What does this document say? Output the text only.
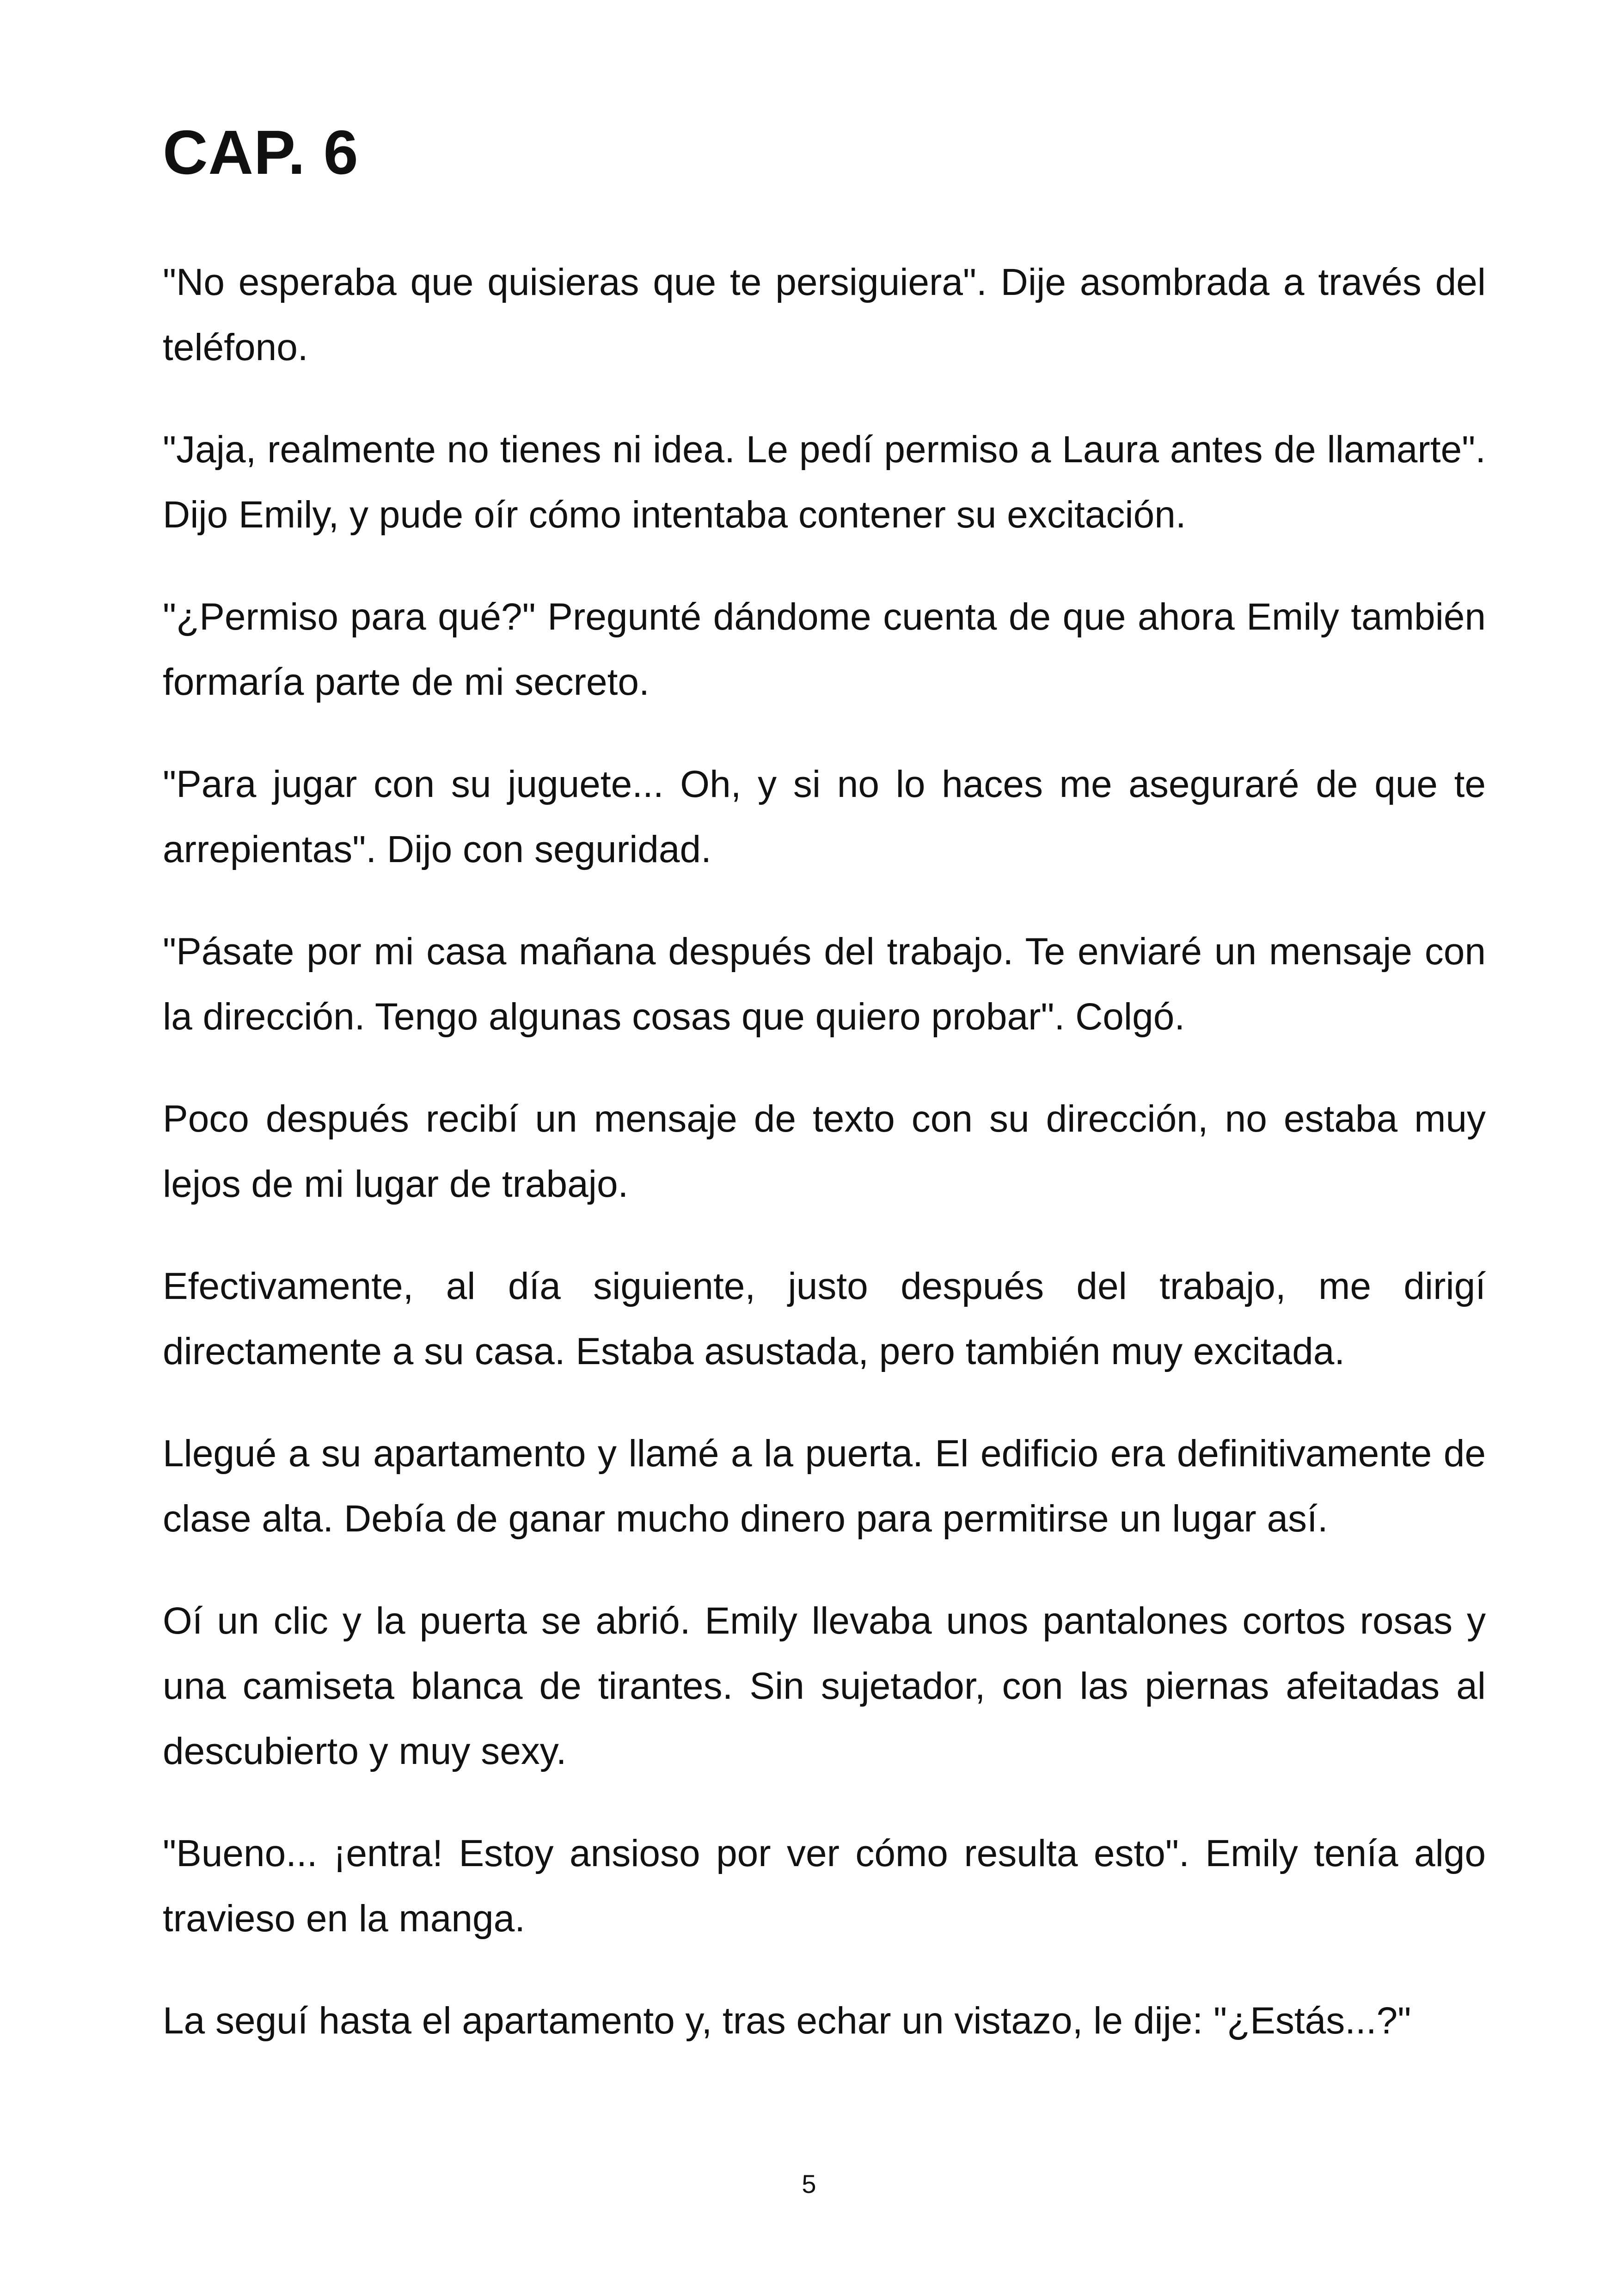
CAP. 6

"No esperaba que quisieras que te persiguiera". Dije asombrada a través del teléfono.

"Jaja, realmente no tienes ni idea. Le pedí permiso a Laura antes de llamarte". Dijo Emily, y pude oír cómo intentaba contener su excitación.

"¿Permiso para qué?" Pregunté dándome cuenta de que ahora Emily también formaría parte de mi secreto.

"Para jugar con su juguete... Oh, y si no lo haces me aseguraré de que te arrepientas". Dijo con seguridad.

"Pásate por mi casa mañana después del trabajo. Te enviaré un mensaje con la dirección. Tengo algunas cosas que quiero probar". Colgó.

Poco después recibí un mensaje de texto con su dirección, no estaba muy lejos de mi lugar de trabajo.

Efectivamente, al día siguiente, justo después del trabajo, me dirigí directamente a su casa. Estaba asustada, pero también muy excitada.

Llegué a su apartamento y llamé a la puerta. El edificio era definitivamente de clase alta. Debía de ganar mucho dinero para permitirse un lugar así.

Oí un clic y la puerta se abrió. Emily llevaba unos pantalones cortos rosas y una camiseta blanca de tirantes. Sin sujetador, con las piernas afeitadas al descubierto y muy sexy.

"Bueno... ¡entra! Estoy ansioso por ver cómo resulta esto". Emily tenía algo travieso en la manga.

La seguí hasta el apartamento y, tras echar un vistazo, le dije: "¿Estás...?"

5
